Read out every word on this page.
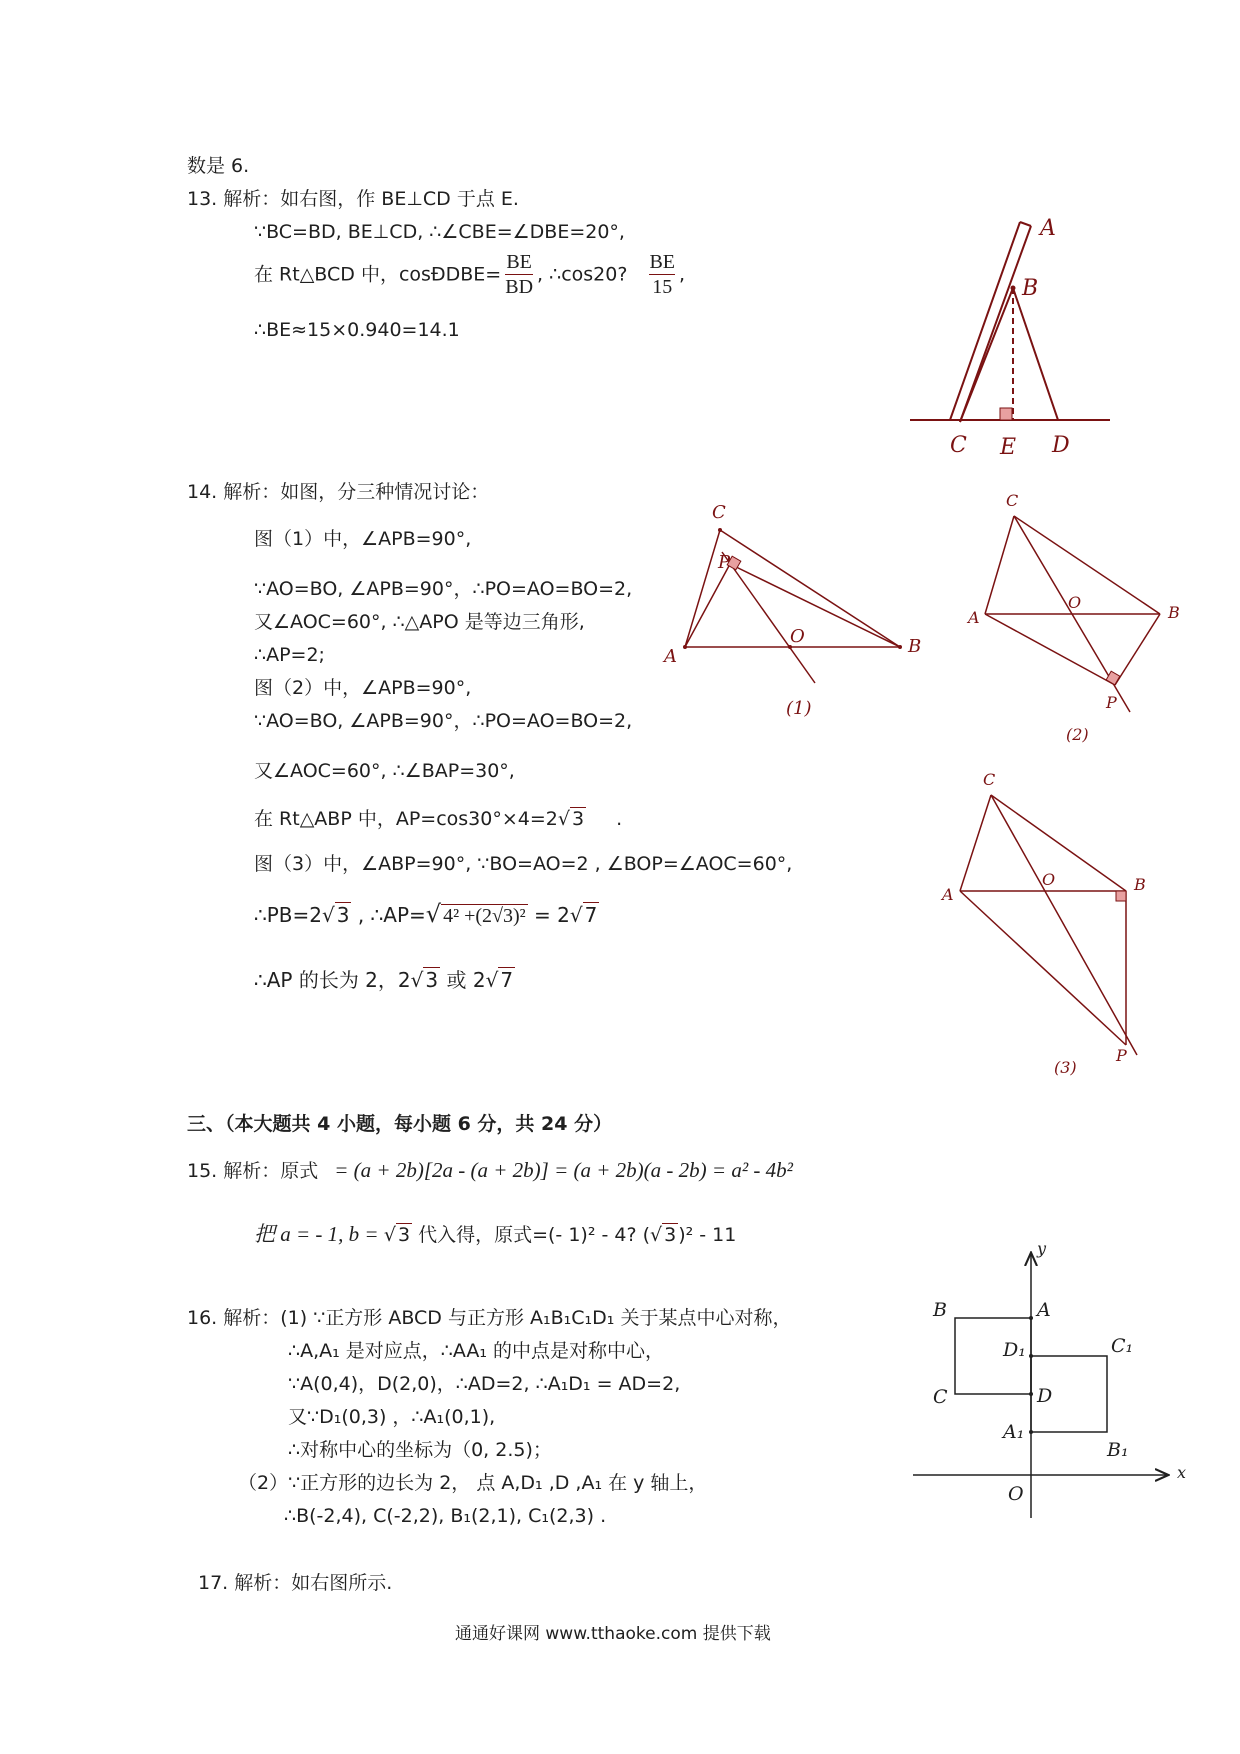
数是 6.
13. 解析：如右图，作 BE⊥CD 于点 E.
∵BC=BD, BE⊥CD, ∴∠CBE=∠DBE=20°,
在 Rt△BCD 中，cosÐDBE= $\frac{BE}{BD}$ , ∴cos20? $\frac{BE}{15}$ ,
∴BE≈15×0.940=14.1
14. 解析：如图，分三种情况讨论：
图（1）中，∠APB=90°,
∵AO=BO, ∠APB=90°，∴PO=AO=BO=2,
又∠AOC=60°, ∴△APO 是等边三角形,
∴AP=2;
图（2）中，∠APB=90°,
∵AO=BO, ∠APB=90°，∴PO=AO=BO=2,
又∠AOC=60°, ∴∠BAP=30°,
在 Rt△ABP 中，AP=cos30°×4=2√ 3 .
图（3）中，∠ABP=90°, ∵BO=AO=2 , ∠BOP=∠AOC=60°,
∴PB=2√ 3 , ∴AP=√ 4² +(2√3)² = 2√ 7
∴AP 的长为 2，2√ 3 或 2√ 7
三、（本大题共 4 小题，每小题 6 分，共 24 分）
15. 解析：原式 = (a + 2b)[2a - (a + 2b)] = (a + 2b)(a - 2b) = a² - 4b²
把 a = - 1, b = √ 3 代入得，原式=(- 1)² - 4? (√ 3 )² - 11
16. 解析：(1) ∵正方形 ABCD 与正方形 A₁B₁C₁D₁ 关于某点中心对称，
∴A,A₁ 是对应点，∴AA₁ 的中点是对称中心，
∵A(0,4)，D(2,0)，∴AD=2, ∴A₁D₁ = AD=2,
又∵D₁(0,3) ，∴A₁(0,1),
∴对称中心的坐标为（0, 2.5)；
（2）∵正方形的边长为 2， 点 A,D₁ ,D ,A₁ 在 y 轴上，
∴B(-2,4), C(-2,2), B₁(2,1), C₁(2,3) .
17. 解析：如右图所示.
通通好课网 www.tthaoke.com 提供下载
A
B
C E D
C
P
A
O	B
(1)
C
A
O
B
P
(2)
C
A
O	B
P
(3)
y
x
O
A
B
C	D
D₁
A₁
C₁
B₁
